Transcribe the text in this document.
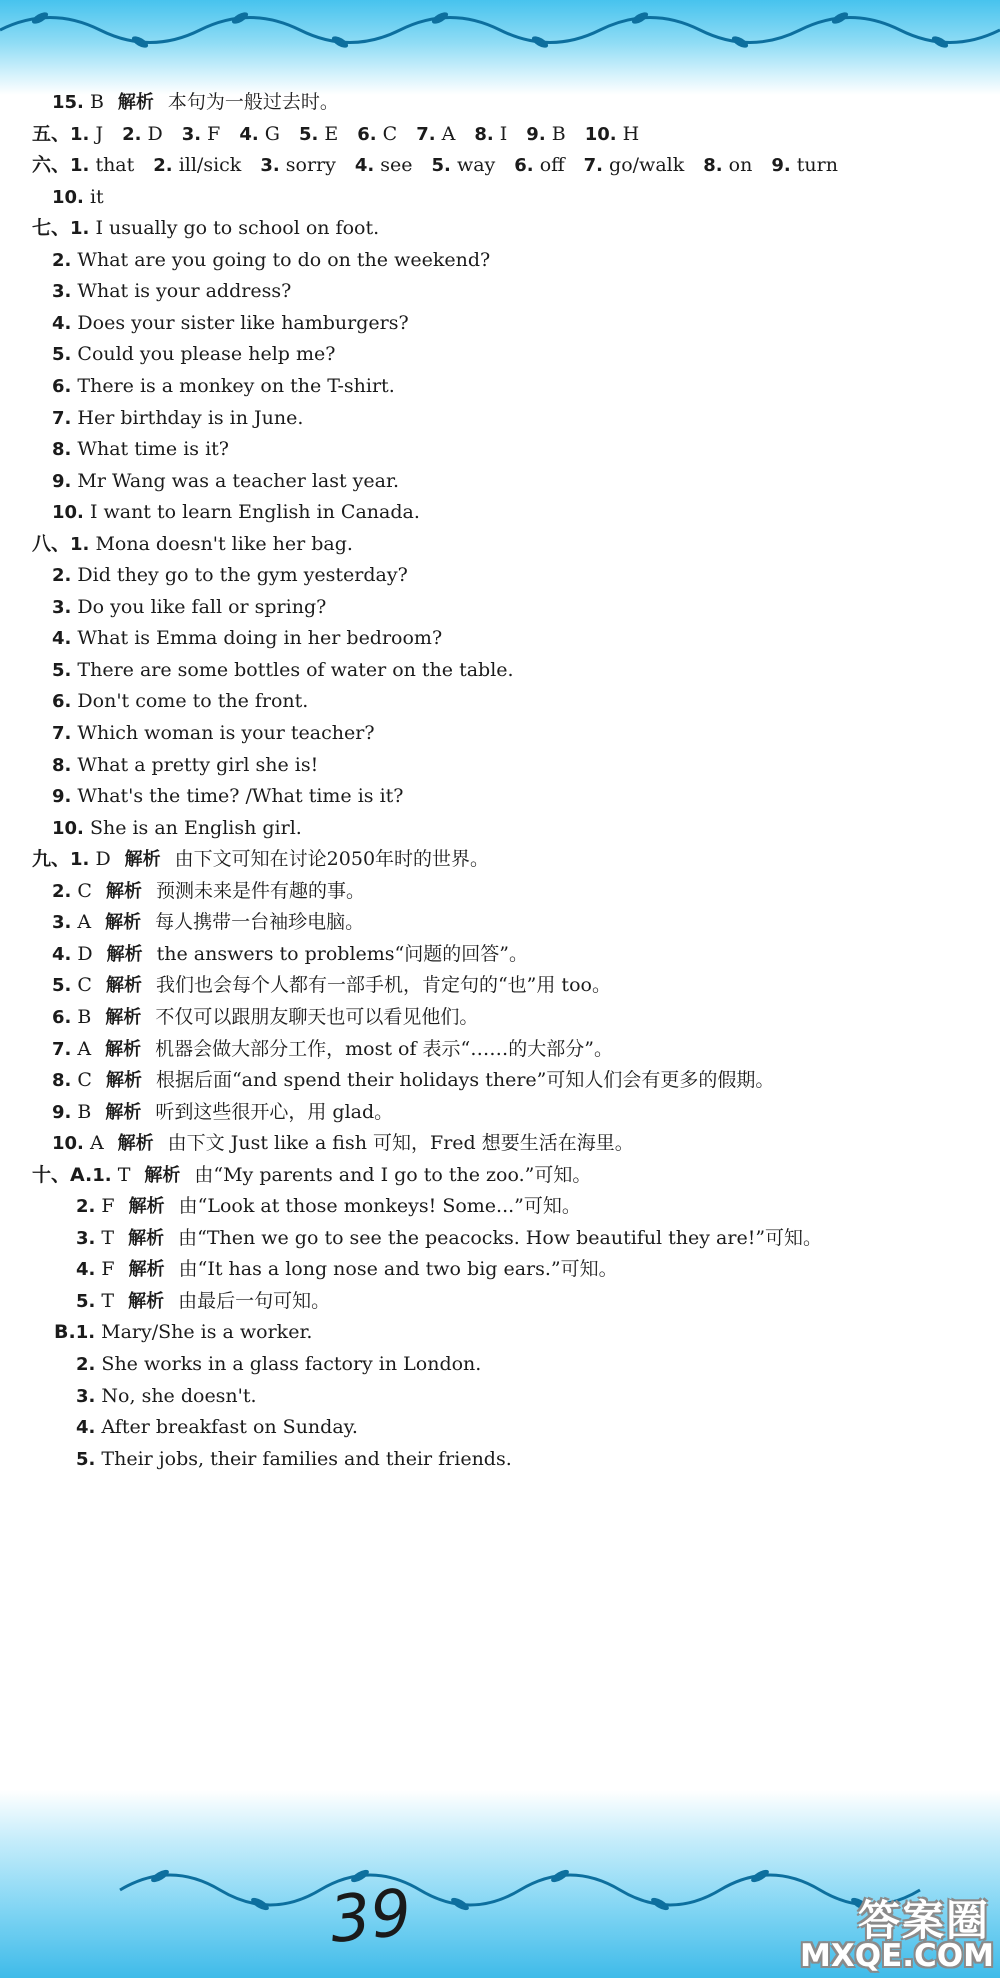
15. B 解析 本句为一般过去时。
五、1. J   2. D   3. F   4. G   5. E   6. C   7. A   8. I   9. B   10. H  
六、1. that   2. ill/sick   3. sorry   4. see   5. way   6. off   7. go/walk   8. on   9. turn  
10. it
七、1. I usually go to school on foot.
2. What are you going to do on the weekend?
3. What is your address?
4. Does your sister like hamburgers?
5. Could you please help me?
6. There is a monkey on the T-shirt.
7. Her birthday is in June.
8. What time is it?
9. Mr Wang was a teacher last year.
10. I want to learn English in Canada.
八、1. Mona doesn't like her bag.
2. Did they go to the gym yesterday?
3. Do you like fall or spring?
4. What is Emma doing in her bedroom?
5. There are some bottles of water on the table.
6. Don't come to the front.
7. Which woman is your teacher?
8. What a pretty girl she is!
9. What's the time? /What time is it?
10. She is an English girl.
九、1. D 解析 由下文可知在讨论2050年时的世界。
2. C 解析 预测未来是件有趣的事。
3. A 解析 每人携带一台袖珍电脑。
4. D 解析 the answers to problems“问题的回答”。
5. C 解析 我们也会每个人都有一部手机，肯定句的“也”用 too。
6. B 解析 不仅可以跟朋友聊天也可以看见他们。
7. A 解析 机器会做大部分工作，most of 表示“……的大部分”。
8. C 解析 根据后面“and spend their holidays there”可知人们会有更多的假期。
9. B 解析 听到这些很开心，用 glad。
10. A 解析 由下文 Just like a fish 可知，Fred 想要生活在海里。
十、A.1. T 解析 由“My parents and I go to the zoo.”可知。
2. F 解析 由“Look at those monkeys! Some...”可知。
3. T 解析 由“Then we go to see the peacocks. How beautiful they are!”可知。
4. F 解析 由“It has a long nose and two big ears.”可知。
5. T 解析 由最后一句可知。
B.1. Mary/She is a worker.
2. She works in a glass factory in London.
3. No, she doesn't.
4. After breakfast on Sunday.
5. Their jobs, their families and their friends.
39	答案圈
MXQE.COM
